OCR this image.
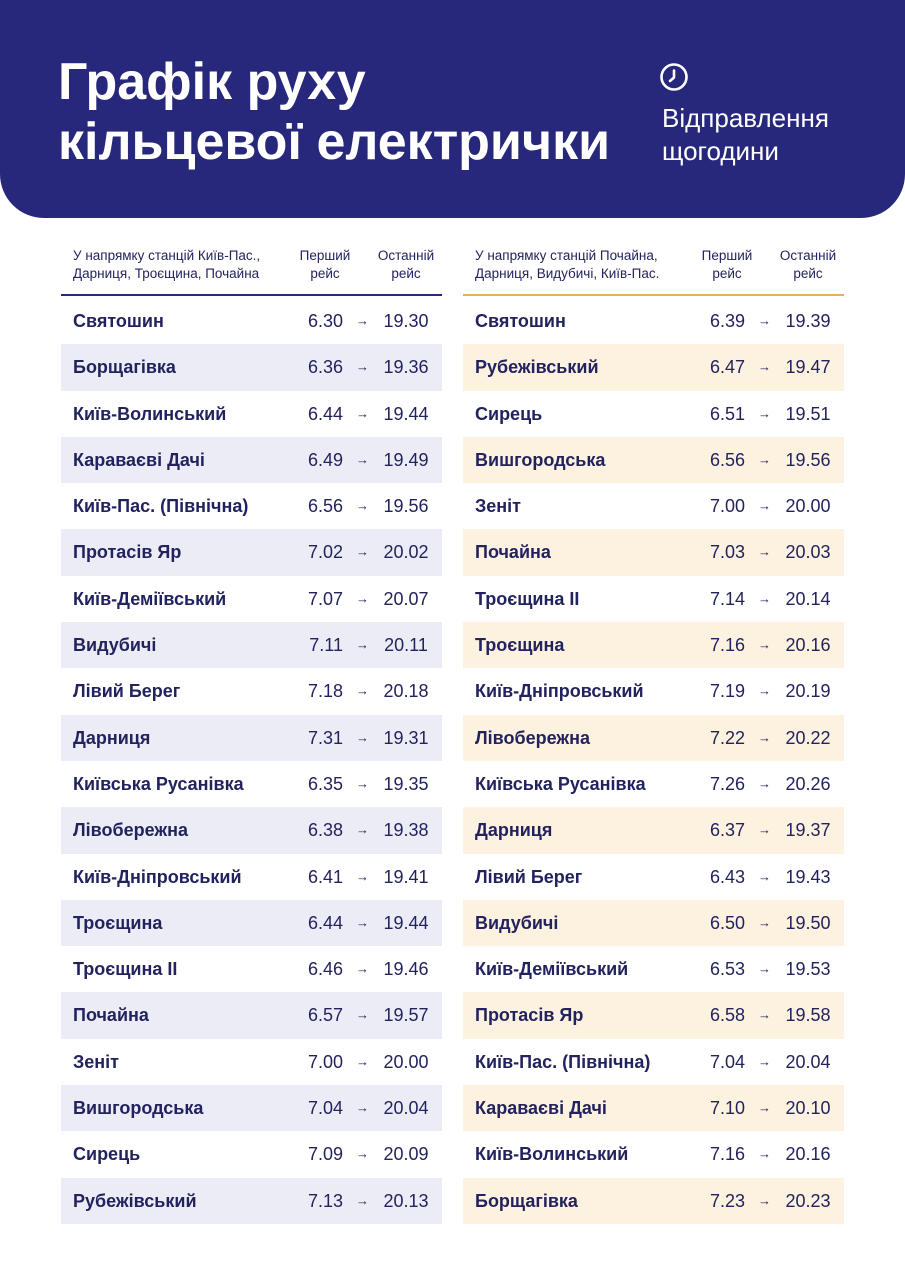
Графік руху
кільцевої електрички Відправлення
щогодини
У напрямку станцій Київ-Пас.,
Дарниця, Троєщина, Почайна
Перший
рейс
Останній
рейс
Святошин	6.30 → 19.30
Борщагівка	6.36 → 19.36
Київ-Волинський	6.44 → 19.44
Караваєві Дачі	6.49 → 19.49
Київ-Пас. (Північна)	6.56 → 19.56
Протасів Яр	7.02 → 20.02
Київ-Деміївський	7.07 → 20.07
Видубичі	7.11 → 20.11
Лівий Берег	7.18 → 20.18
Дарниця	7.31 → 19.31
Київська Русанівка	6.35 → 19.35
Лівобережна	6.38 → 19.38
Київ-Дніпровський	6.41 → 19.41
Троєщина	6.44 → 19.44
Троєщина II	6.46 → 19.46
Почайна	6.57 → 19.57
Зеніт	7.00 → 20.00
Вишгородська	7.04 → 20.04
Сирець	7.09 → 20.09
Рубежівський	7.13 → 20.13
У напрямку станцій Почайна,
Дарниця, Видубичі, Київ-Пас.
Перший
рейс
Останній
рейс
Святошин	6.39 → 19.39
Рубежівський	6.47 → 19.47
Сирець	6.51 → 19.51
Вишгородська	6.56 → 19.56
Зеніт	7.00 → 20.00
Почайна	7.03 → 20.03
Троєщина II	7.14 → 20.14
Троєщина	7.16 → 20.16
Київ-Дніпровський	7.19 → 20.19
Лівобережна	7.22 → 20.22
Київська Русанівка	7.26 → 20.26
Дарниця	6.37 → 19.37
Лівий Берег	6.43 → 19.43
Видубичі	6.50 → 19.50
Київ-Деміївський	6.53 → 19.53
Протасів Яр	6.58 → 19.58
Київ-Пас. (Північна)	7.04 → 20.04
Караваєві Дачі	7.10 → 20.10
Київ-Волинський	7.16 → 20.16
Борщагівка	7.23 → 20.23
